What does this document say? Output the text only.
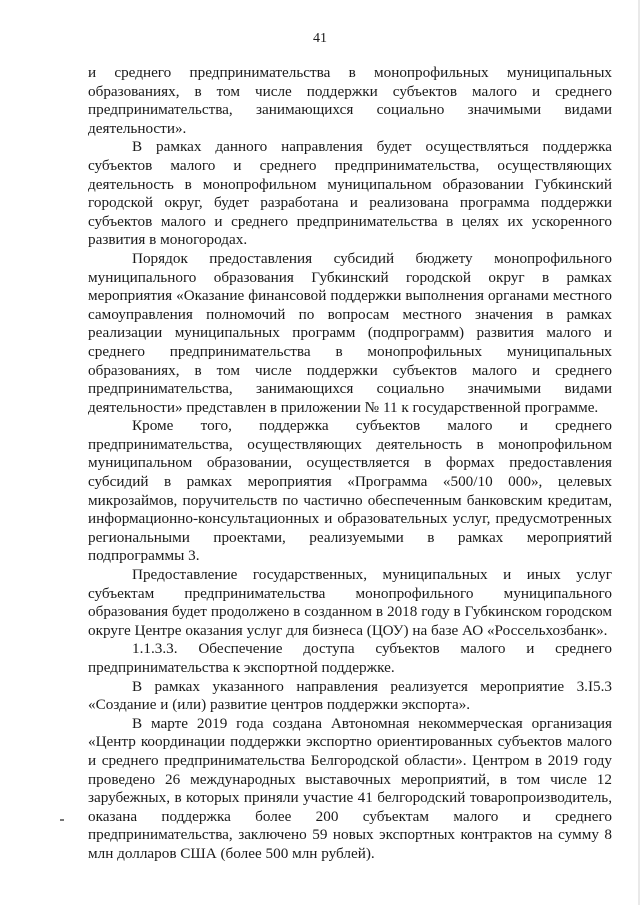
41

и среднего предпринимательства в монопрофильных муниципальных образованиях, в том числе поддержки субъектов малого и среднего предпринимательства, занимающихся социально значимыми видами деятельности».

В рамках данного направления будет осуществляться поддержка субъектов малого и среднего предпринимательства, осуществляющих деятельность в монопрофильном муниципальном образовании Губкинский городской округ, будет разработана и реализована программа поддержки субъектов малого и среднего предпринимательства в целях их ускоренного развития в моногородах.

Порядок предоставления субсидий бюджету монопрофильного муниципального образования Губкинский городской округ в рамках мероприятия «Оказание финансовой поддержки выполнения органами местного самоуправления полномочий по вопросам местного значения в рамках реализации муниципальных программ (подпрограмм) развития малого и среднего предпринимательства в монопрофильных муниципальных образованиях, в том числе поддержки субъектов малого и среднего предпринимательства, занимающихся социально значимыми видами деятельности» представлен в приложении № 11 к государственной программе.

Кроме того, поддержка субъектов малого и среднего предпринимательства, осуществляющих деятельность в монопрофильном муниципальном образовании, осуществляется в формах предоставления субсидий в рамках мероприятия «Программа «500/10 000», целевых микрозаймов, поручительств по частично обеспеченным банковским кредитам, информационно-консультационных и образовательных услуг, предусмотренных региональными проектами, реализуемыми в рамках мероприятий подпрограммы 3.

Предоставление государственных, муниципальных и иных услуг субъектам предпринимательства монопрофильного муниципального образования будет продолжено в созданном в 2018 году в Губкинском городском округе Центре оказания услуг для бизнеса (ЦОУ) на базе АО «Россельхозбанк».

1.1.3.3. Обеспечение доступа субъектов малого и среднего предпринимательства к экспортной поддержке.

В рамках указанного направления реализуется мероприятие 3.I5.3 «Создание и (или) развитие центров поддержки экспорта».

В марте 2019 года создана Автономная некоммерческая организация «Центр координации поддержки экспортно ориентированных субъектов малого и среднего предпринимательства Белгородской области». Центром в 2019 году проведено 26 международных выставочных мероприятий, в том числе 12 зарубежных, в которых приняли участие 41 белгородский товаропроизводитель, оказана поддержка более 200 субъектам малого и среднего предпринимательства, заключено 59 новых экспортных контрактов на сумму 8 млн долларов США (более 500 млн рублей).
